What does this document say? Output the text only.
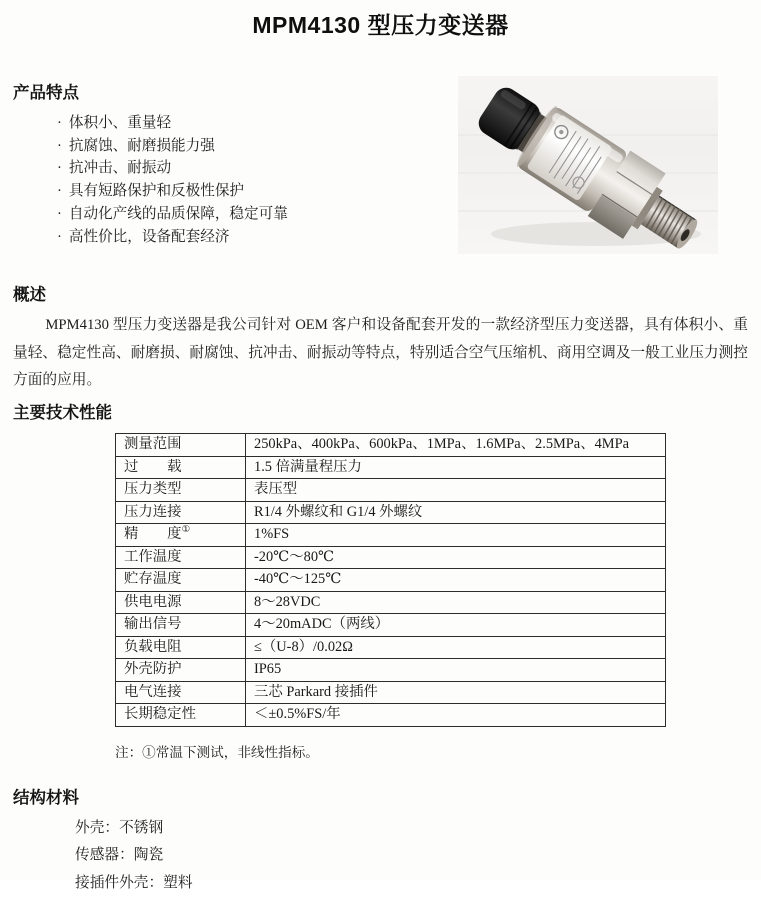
MPM4130 型压力变送器
产品特点
· 体积小、重量轻
· 抗腐蚀、耐磨损能力强
· 抗冲击、耐振动
· 具有短路保护和反极性保护
· 自动化产线的品质保障，稳定可靠
· 高性价比，设备配套经济
概述

MPM4130 型压力变送器是我公司针对 OEM 客户和设备配套开发的一款经济型压力变送器，具有体积小、重量轻、稳定性高、耐磨损、耐腐蚀、抗冲击、耐振动等特点，特别适合空气压缩机、商用空调及一般工业压力测控方面的应用。

主要技术性能
测量范围	250kPa、400kPa、600kPa、1MPa、1.6MPa、2.5MPa、4MPa
过　　载	1.5 倍满量程压力
压力类型	表压型
压力连接	R1/4 外螺纹和 G1/4 外螺纹
精　　度①	1%FS
工作温度	-20℃～80℃
贮存温度	-40℃～125℃
供电电源	8～28VDC
输出信号	4～20mADC（两线）
负载电阻	≤（U-8）/0.02Ω
外壳防护	IP65
电气连接	三芯 Parkard 接插件
长期稳定性	＜±0.5%FS/年

注：①常温下测试，非线性指标。

结构材料
外壳：不锈钢
传感器：陶瓷
接插件外壳：塑料
